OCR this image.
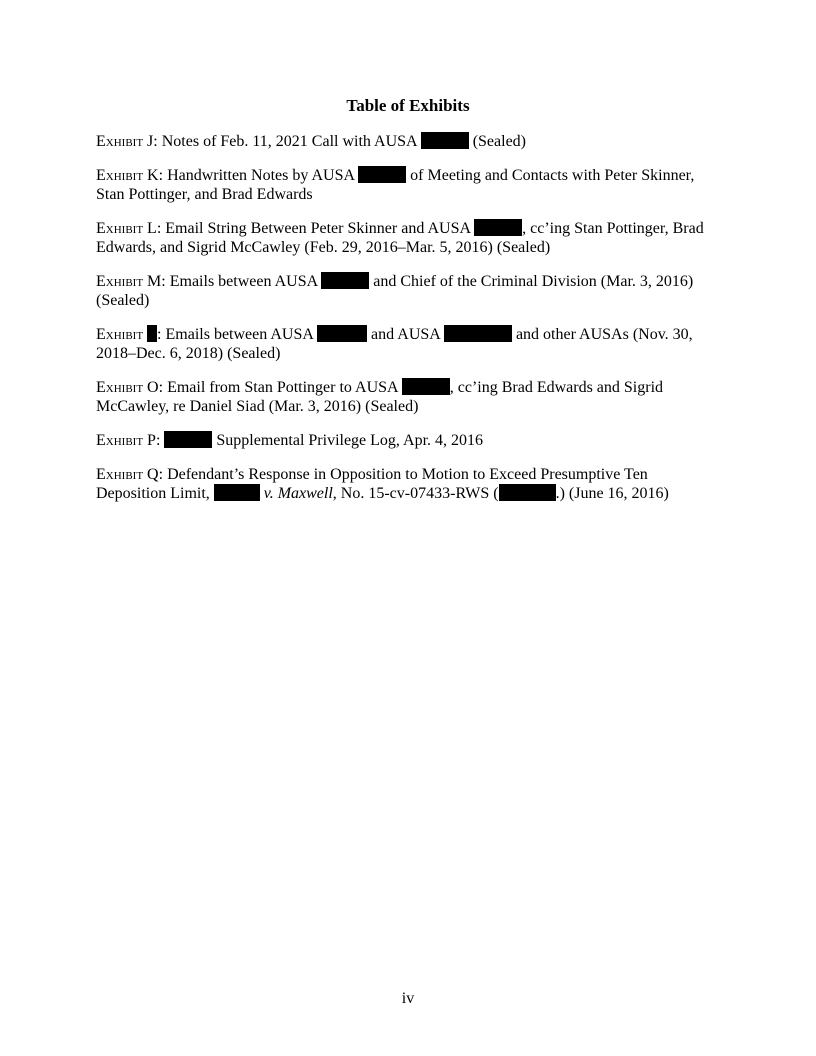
Table of Exhibits

Exhibit J: Notes of Feb. 11, 2021 Call with AUSA	(Sealed)

Exhibit K: Handwritten Notes by AUSA	of Meeting and Contacts with Peter Skinner, Stan Pottinger, and Brad Edwards

Exhibit L: Email String Between Peter Skinner and AUSA	, cc’ing Stan Pottinger, Brad Edwards, and Sigrid McCawley (Feb. 29, 2016–Mar. 5, 2016) (Sealed)

Exhibit M: Emails between AUSA	and Chief of the Criminal Division (Mar. 3, 2016) (Sealed)

Exhibit : Emails between AUSA	and AUSA	and other AUSAs (Nov. 30, 2018–Dec. 6, 2018) (Sealed)

Exhibit O: Email from Stan Pottinger to AUSA	, cc’ing Brad Edwards and Sigrid McCawley, re Daniel Siad (Mar. 3, 2016) (Sealed)

Exhibit P:	Supplemental Privilege Log, Apr. 4, 2016

Exhibit Q: Defendant’s Response in Opposition to Motion to Exceed Presumptive Ten Deposition Limit,	v. Maxwell, No. 15-cv-07433-RWS (	.) (June 16, 2016)

iv
